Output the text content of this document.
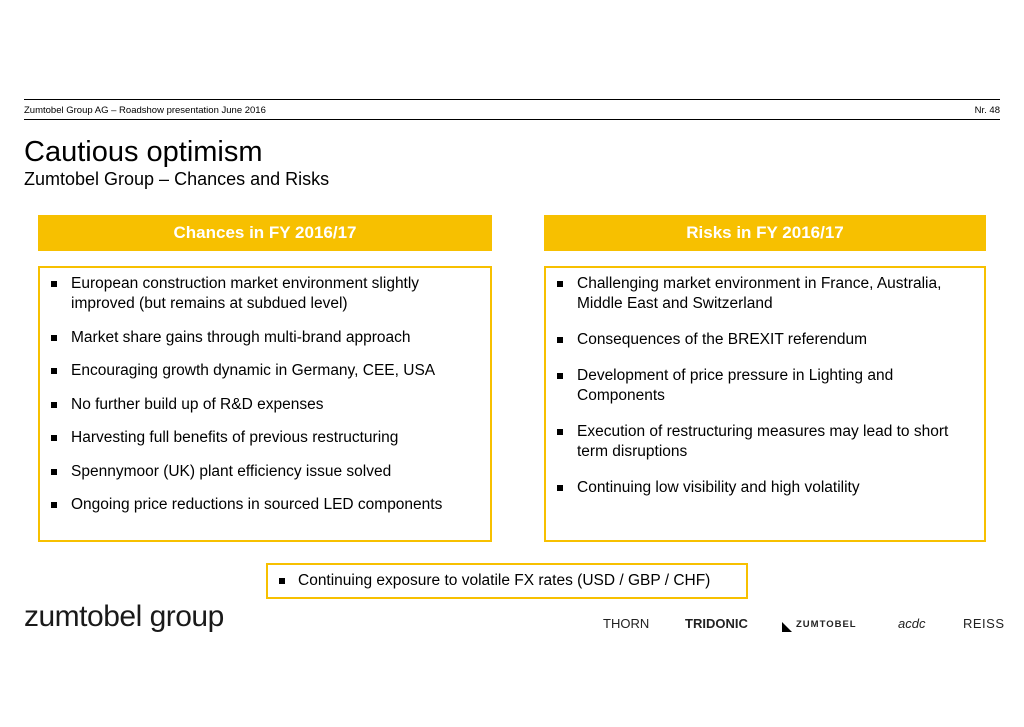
Zumtobel Group AG – Roadshow presentation June 2016	Nr. 48
Cautious optimism
Zumtobel Group – Chances and Risks
Chances in FY 2016/17
European construction market environment slightly improved (but remains at subdued level)
Market share gains through multi-brand approach
Encouraging growth dynamic in Germany, CEE, USA
No further build up of R&D expenses
Harvesting full benefits of previous restructuring
Spennymoor (UK) plant efficiency issue solved
Ongoing price reductions in sourced LED components
Risks in FY 2016/17
Challenging market environment in France, Australia, Middle East and Switzerland
Consequences of the BREXIT referendum
Development of price pressure in Lighting and Components
Execution of restructuring measures may lead to short term disruptions
Continuing low visibility and high volatility
Continuing exposure to volatile FX rates (USD / GBP / CHF)
zumtobel group	THORN	TRIDONIC	ZUMTOBEL	acdc	REISS
